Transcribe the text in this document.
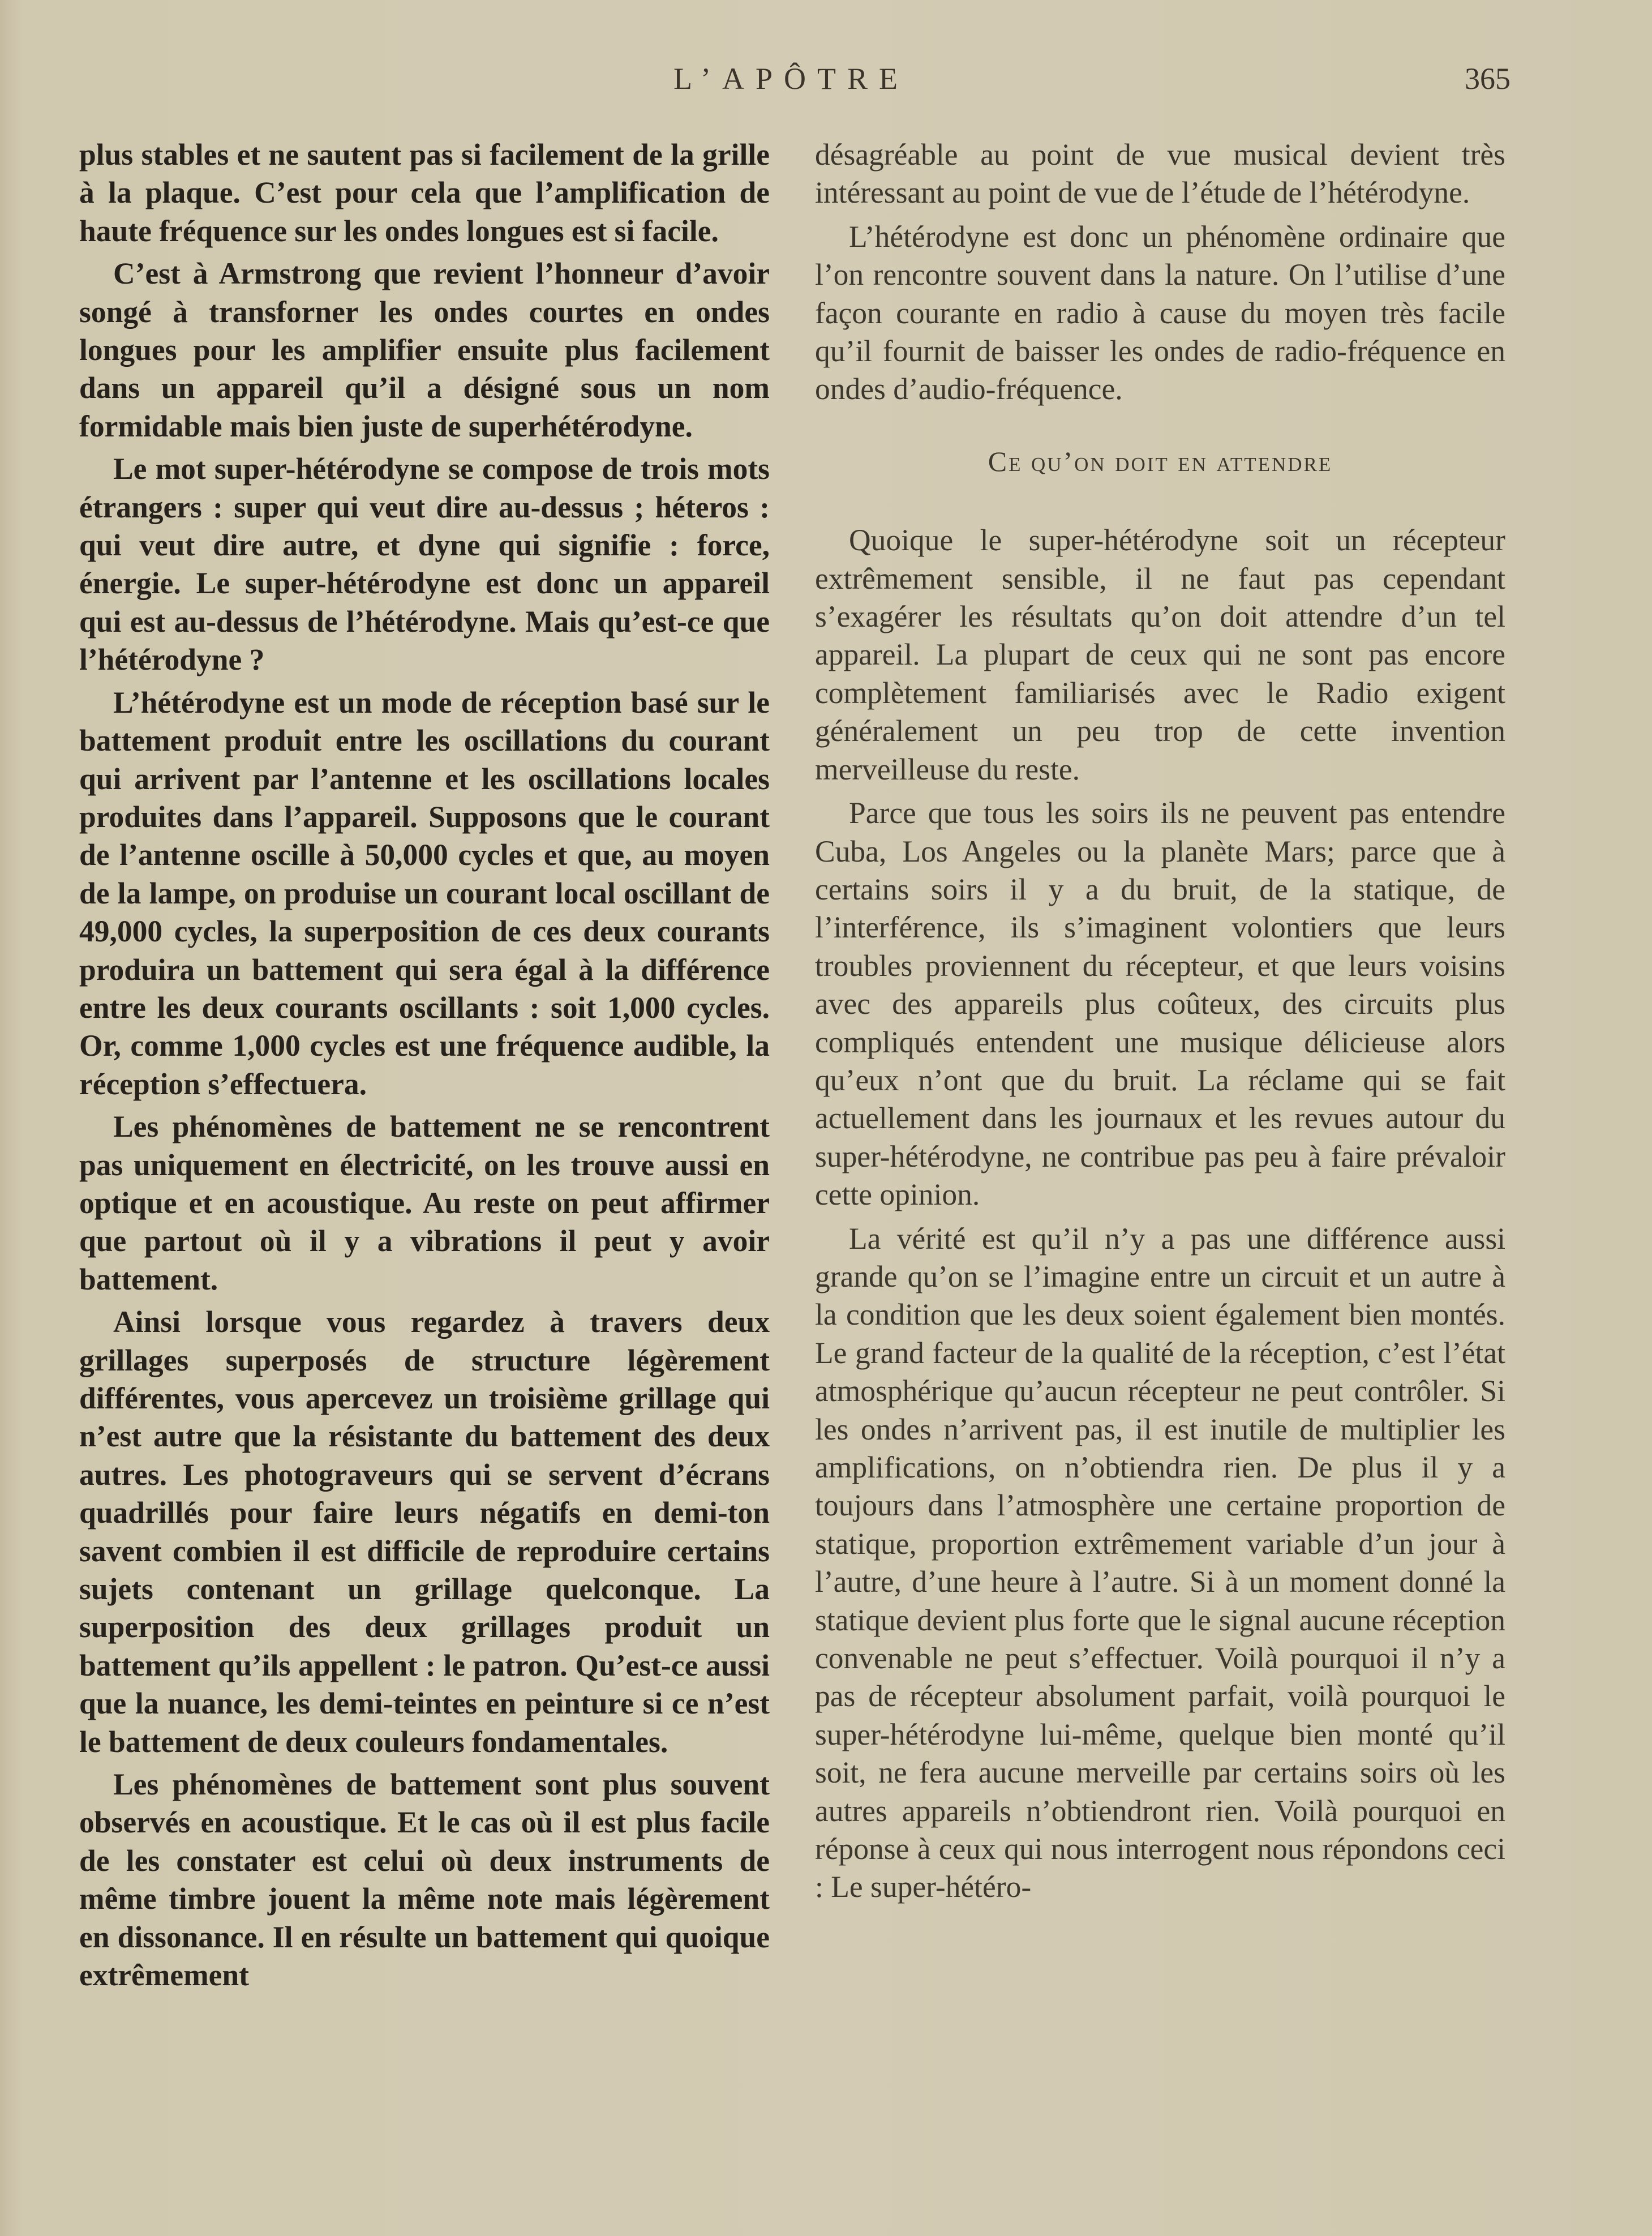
L’APÔTRE	365

plus stables et ne sautent pas si facilement de la grille à la plaque. C’est pour cela que l’amplification de haute fréquence sur les ondes longues est si facile.

C’est à Armstrong que revient l’honneur d’avoir songé à transforner les ondes courtes en ondes longues pour les amplifier ensuite plus facilement dans un appareil qu’il a désigné sous un nom formidable mais bien juste de superhétérodyne.

Le mot super-hétérodyne se compose de trois mots étrangers : super qui veut dire au-dessus ; héteros : qui veut dire autre, et dyne qui signifie : force, énergie. Le super-hétérodyne est donc un appareil qui est au-dessus de l’hétérodyne. Mais qu’est-ce que l’hétérodyne ?

L’hétérodyne est un mode de réception basé sur le battement produit entre les oscillations du courant qui arrivent par l’antenne et les oscillations locales produites dans l’appareil. Supposons que le courant de l’antenne oscille à 50,000 cycles et que, au moyen de la lampe, on produise un courant local oscillant de 49,000 cycles, la superposition de ces deux courants produira un battement qui sera égal à la différence entre les deux courants oscillants : soit 1,000 cycles. Or, comme 1,000 cycles est une fréquence audible, la réception s’effectuera.

Les phénomènes de battement ne se rencontrent pas uniquement en électricité, on les trouve aussi en optique et en acoustique. Au reste on peut affirmer que partout où il y a vibrations il peut y avoir battement.

Ainsi lorsque vous regardez à travers deux grillages superposés de structure légèrement différentes, vous apercevez un troisième grillage qui n’est autre que la résistante du battement des deux autres. Les photograveurs qui se servent d’écrans quadrillés pour faire leurs négatifs en demi-ton savent combien il est difficile de reproduire certains sujets contenant un grillage quelconque. La superposition des deux grillages produit un battement qu’ils appellent : le patron. Qu’est-ce aussi que la nuance, les demi-teintes en peinture si ce n’est le battement de deux couleurs fondamentales.

Les phénomènes de battement sont plus souvent observés en acoustique. Et le cas où il est plus facile de les constater est celui où deux instruments de même timbre jouent la même note mais légèrement en dissonance. Il en résulte un battement qui quoique extrêmement

désagréable au point de vue musical devient très intéressant au point de vue de l’étude de l’hétérodyne.

L’hétérodyne est donc un phénomène ordinaire que l’on rencontre souvent dans la nature. On l’utilise d’une façon courante en radio à cause du moyen très facile qu’il fournit de baisser les ondes de radio-fréquence en ondes d’audio-fréquence.

Ce qu’on doit en attendre

Quoique le super-hétérodyne soit un récepteur extrêmement sensible, il ne faut pas cependant s’exagérer les résultats qu’on doit attendre d’un tel appareil. La plupart de ceux qui ne sont pas encore complètement familiarisés avec le Radio exigent généralement un peu trop de cette invention merveilleuse du reste.

Parce que tous les soirs ils ne peuvent pas entendre Cuba, Los Angeles ou la planète Mars; parce que à certains soirs il y a du bruit, de la statique, de l’interférence, ils s’imaginent volontiers que leurs troubles proviennent du récepteur, et que leurs voisins avec des appareils plus coûteux, des circuits plus compliqués entendent une musique délicieuse alors qu’eux n’ont que du bruit. La réclame qui se fait actuellement dans les journaux et les revues autour du super-hétérodyne, ne contribue pas peu à faire prévaloir cette opinion.

La vérité est qu’il n’y a pas une différence aussi grande qu’on se l’imagine entre un circuit et un autre à la condition que les deux soient également bien montés. Le grand facteur de la qualité de la réception, c’est l’état atmosphérique qu’aucun récepteur ne peut contrôler. Si les ondes n’arrivent pas, il est inutile de multiplier les amplifications, on n’obtiendra rien. De plus il y a toujours dans l’atmosphère une certaine proportion de statique, proportion extrêmement variable d’un jour à l’autre, d’une heure à l’autre. Si à un moment donné la statique devient plus forte que le signal aucune réception convenable ne peut s’effectuer. Voilà pourquoi il n’y a pas de récepteur absolument parfait, voilà pourquoi le super-hétérodyne lui-même, quelque bien monté qu’il soit, ne fera aucune merveille par certains soirs où les autres appareils n’obtiendront rien. Voilà pourquoi en réponse à ceux qui nous interrogent nous répondons ceci : Le super-hétéro-
